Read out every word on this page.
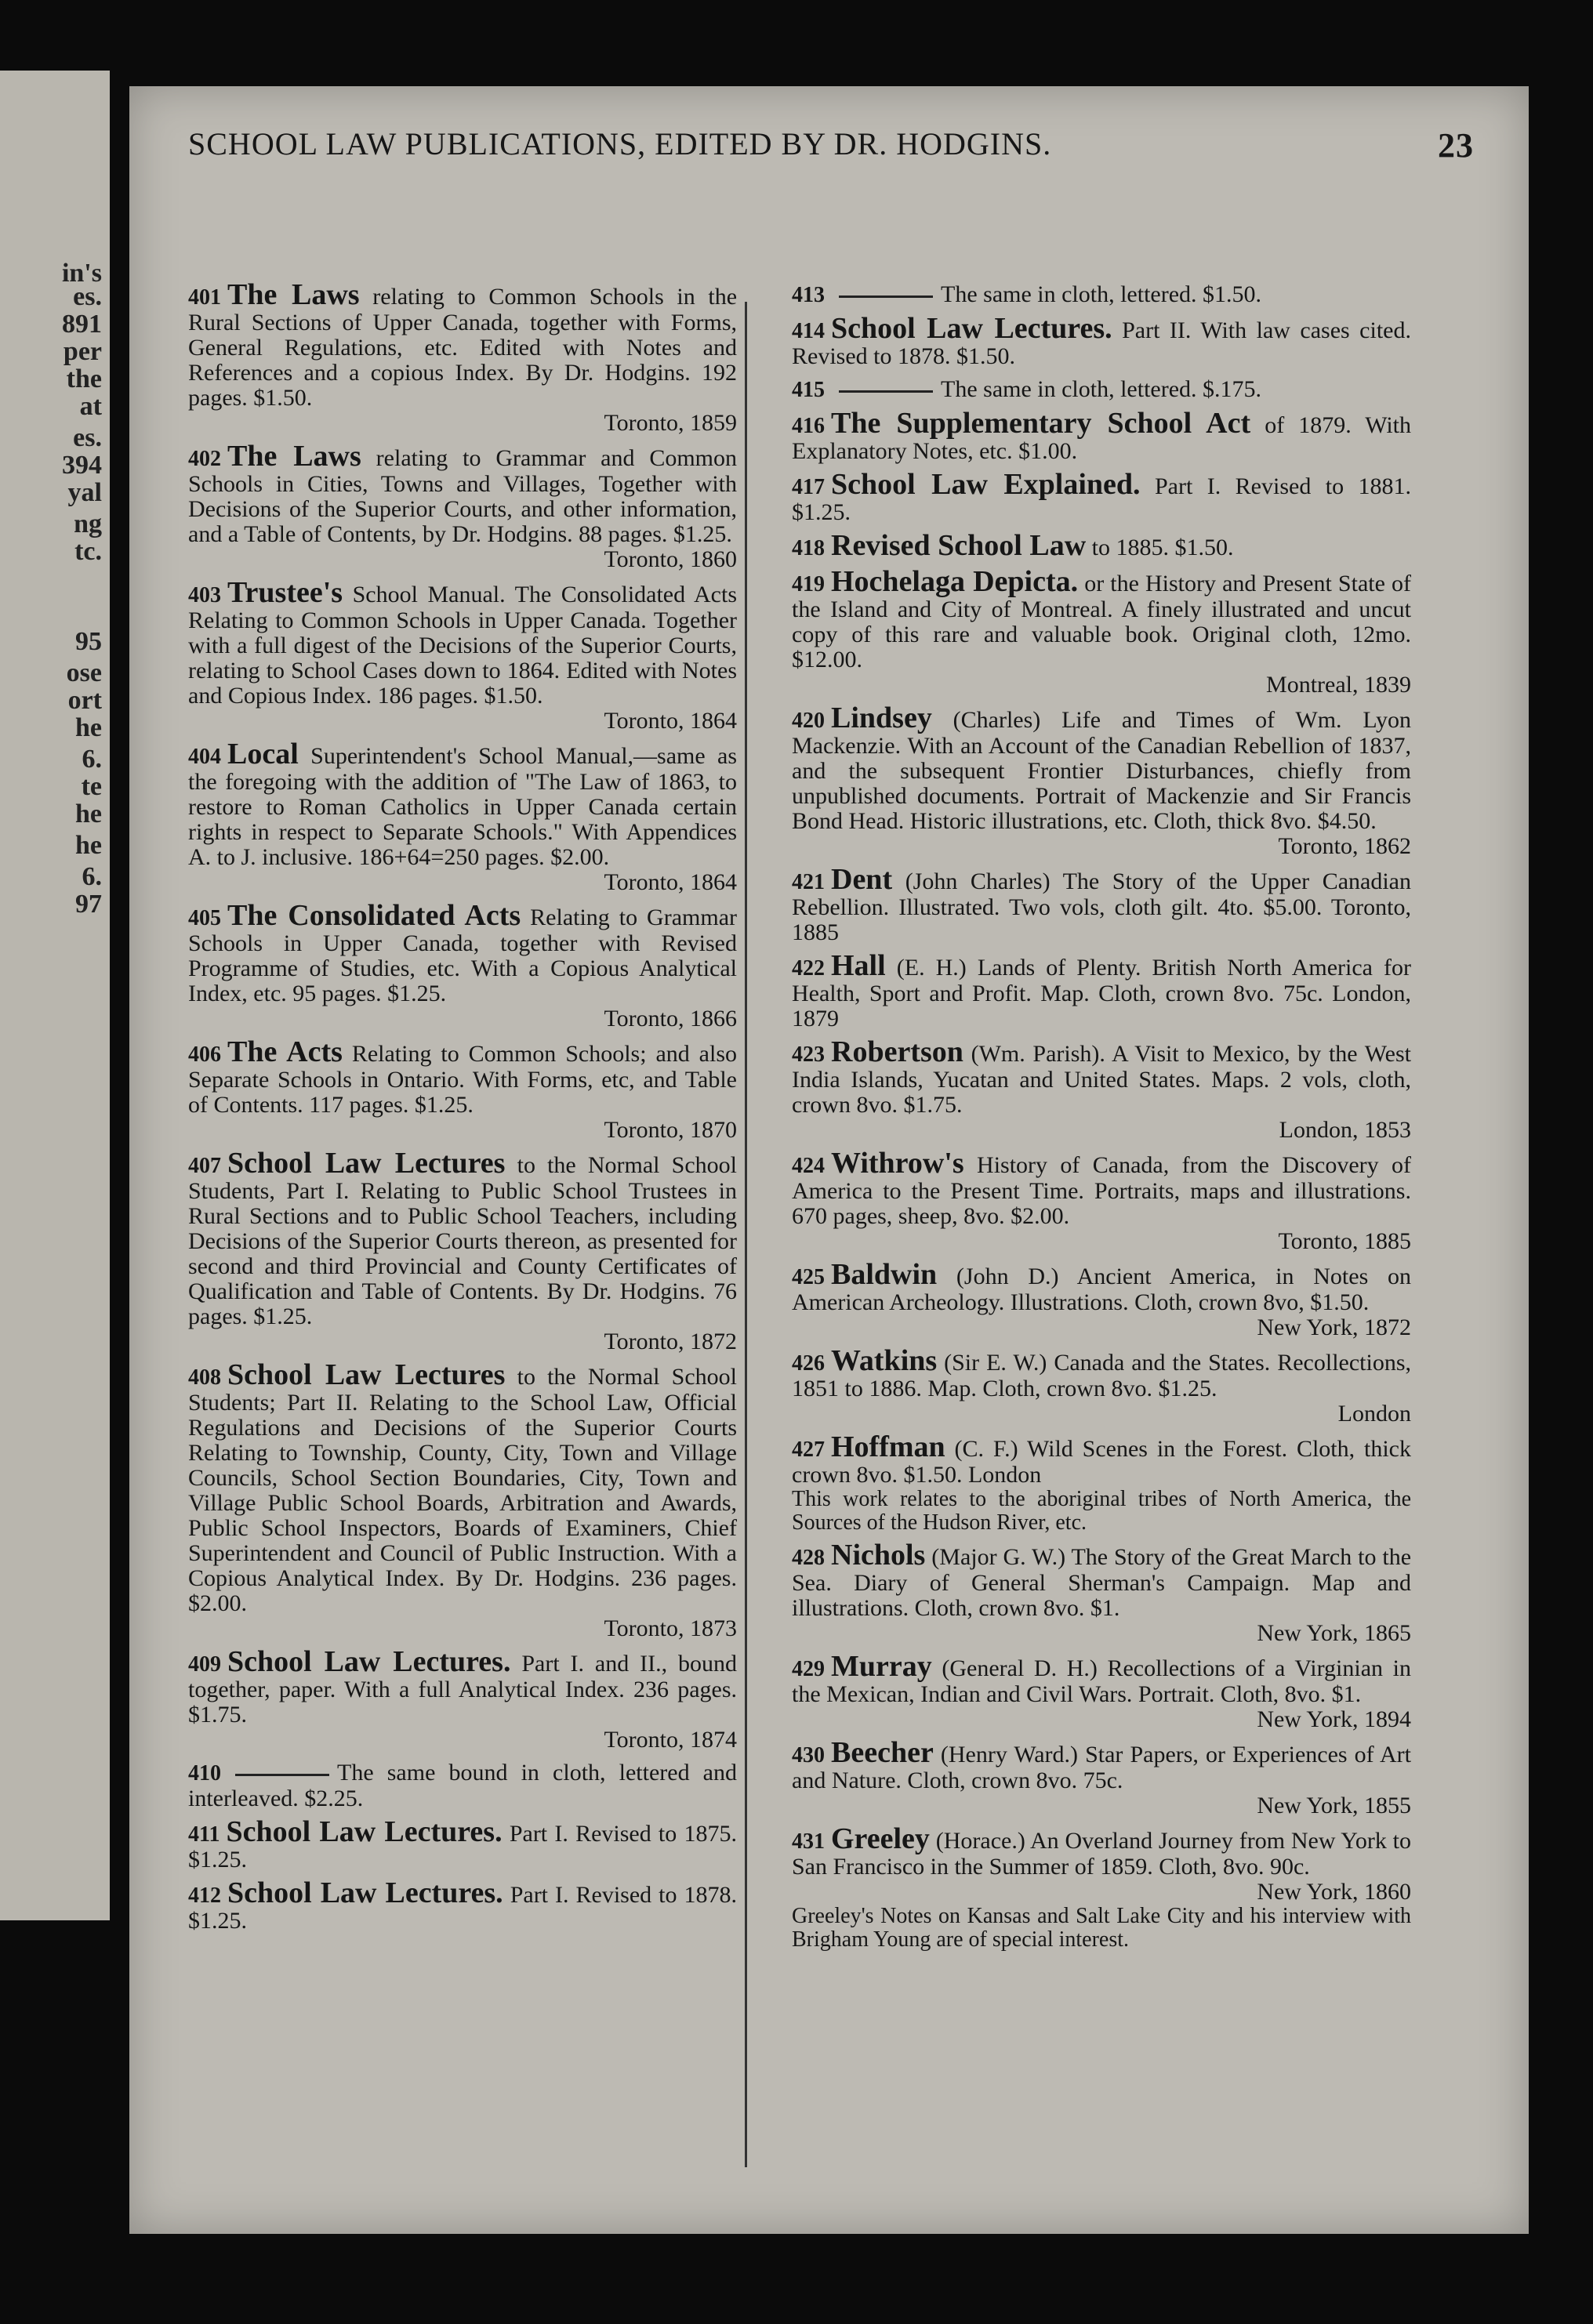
in's
es.
891
per
the
at
es.
394
yal
ng
tc.
95
ose
ort
he
6.
te
he
he
6.
97
SCHOOL LAW PUBLICATIONS, EDITED BY DR. HODGINS.	23

401 The Laws relating to Common Schools in the Rural Sections of Upper Canada, together with Forms, General Regulations, etc. Edited with Notes and References and a copious Index. By Dr. Hodgins. 192 pages. $1.50.

Toronto, 1859

402 The Laws relating to Grammar and Common Schools in Cities, Towns and Villages, Together with Decisions of the Superior Courts, and other information, and a Table of Contents, by Dr. Hodgins. 88 pages. $1.25.

Toronto, 1860

403 Trustee's School Manual. The Consolidated Acts Relating to Common Schools in Upper Canada. Together with a full digest of the Decisions of the Superior Courts, relating to School Cases down to 1864. Edited with Notes and Copious Index. 186 pages. $1.50.

Toronto, 1864

404 Local Superintendent's School Manual,—same as the foregoing with the addition of "The Law of 1863, to restore to Roman Catholics in Upper Canada certain rights in respect to Separate Schools." With Appendices A. to J. inclusive. 186+64=250 pages. $2.00.

Toronto, 1864

405 The Consolidated Acts Relating to Grammar Schools in Upper Canada, together with Revised Programme of Studies, etc. With a Copious Analytical Index, etc. 95 pages. $1.25.

Toronto, 1866

406 The Acts Relating to Common Schools; and also Separate Schools in Ontario. With Forms, etc, and Table of Contents. 117 pages. $1.25.

Toronto, 1870

407 School Law Lectures to the Normal School Students, Part I. Relating to Public School Trustees in Rural Sections and to Public School Teachers, including Decisions of the Superior Courts thereon, as presented for second and third Provincial and County Certificates of Qualification and Table of Contents. By Dr. Hodgins. 76 pages. $1.25.

Toronto, 1872

408 School Law Lectures to the Normal School Students; Part II. Relating to the School Law, Official Regulations and Decisions of the Superior Courts Relating to Township, County, City, Town and Village Councils, School Section Boundaries, City, Town and Village Public School Boards, Arbitration and Awards, Public School Inspectors, Boards of Examiners, Chief Superintendent and Council of Public Instruction. With a Copious Analytical Index. By Dr. Hodgins. 236 pages. $2.00.

Toronto, 1873

409 School Law Lectures. Part I. and II., bound together, paper. With a full Analytical Index. 236 pages. $1.75.

Toronto, 1874

410	The same bound in cloth, lettered and interleaved. $2.25.

411 School Law Lectures. Part I. Revised to 1875. $1.25.

412 School Law Lectures. Part I. Revised to 1878. $1.25.

413	The same in cloth, lettered. $1.50.

414 School Law Lectures. Part II. With law cases cited. Revised to 1878. $1.50.

415	The same in cloth, lettered. $.175.

416 The Supplementary School Act of 1879. With Explanatory Notes, etc. $1.00.

417 School Law Explained. Part I. Revised to 1881. $1.25.

418 Revised School Law to 1885. $1.50.

419 Hochelaga Depicta. or the History and Present State of the Island and City of Montreal. A finely illustrated and uncut copy of this rare and valuable book. Original cloth, 12mo. $12.00.

Montreal, 1839

420 Lindsey (Charles) Life and Times of Wm. Lyon Mackenzie. With an Account of the Canadian Rebellion of 1837, and the subsequent Frontier Disturbances, chiefly from unpublished documents. Portrait of Mackenzie and Sir Francis Bond Head. Historic illustrations, etc. Cloth, thick 8vo. $4.50.

Toronto, 1862

421 Dent (John Charles) The Story of the Upper Canadian Rebellion. Illustrated. Two vols, cloth gilt. 4to. $5.00. Toronto, 1885

422 Hall (E. H.) Lands of Plenty. British North America for Health, Sport and Profit. Map. Cloth, crown 8vo. 75c. London, 1879

423 Robertson (Wm. Parish). A Visit to Mexico, by the West India Islands, Yucatan and United States. Maps. 2 vols, cloth, crown 8vo. $1.75.

London, 1853

424 Withrow's History of Canada, from the Discovery of America to the Present Time. Portraits, maps and illustrations. 670 pages, sheep, 8vo. $2.00.

Toronto, 1885

425 Baldwin (John D.) Ancient America, in Notes on American Archeology. Illustrations. Cloth, crown 8vo, $1.50.

New York, 1872

426 Watkins (Sir E. W.) Canada and the States. Recollections, 1851 to 1886. Map. Cloth, crown 8vo. $1.25.

London

427 Hoffman (C. F.) Wild Scenes in the Forest. Cloth, thick crown 8vo. $1.50. London

This work relates to the aboriginal tribes of North America, the Sources of the Hudson River, etc.

428 Nichols (Major G. W.) The Story of the Great March to the Sea. Diary of General Sherman's Campaign. Map and illustrations. Cloth, crown 8vo. $1.

New York, 1865

429 Murray (General D. H.) Recollections of a Virginian in the Mexican, Indian and Civil Wars. Portrait. Cloth, 8vo. $1.

New York, 1894

430 Beecher (Henry Ward.) Star Papers, or Experiences of Art and Nature. Cloth, crown 8vo. 75c.

New York, 1855

431 Greeley (Horace.) An Overland Journey from New York to San Francisco in the Summer of 1859. Cloth, 8vo. 90c.

New York, 1860

Greeley's Notes on Kansas and Salt Lake City and his interview with Brigham Young are of special interest.
